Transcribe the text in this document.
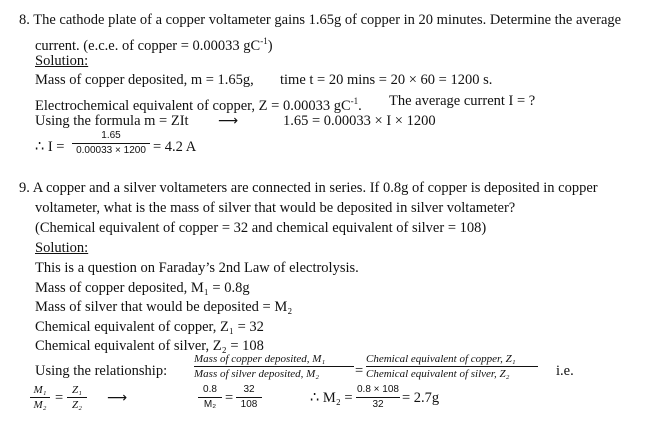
8. The cathode plate of a copper voltameter gains 1.65g of copper in 20 minutes. Determine the average
current. (e.c.e. of copper = 0.00033 $gC^{-1}$)
Solution:
Mass of copper deposited, m = 1.65g, time t = 20 mins = 20 × 60 = 1200 s.
Electrochemical equivalent of copper, Z = 0.00033 $gC^{-1}$. The average current I = ?
Using the formula m = ZIt ⟶	1.65 = 0.00033 × I × 1200
∴ I =
1.65
0.00033 × 1200 = 4.2 A
9. A copper and a silver voltameters are connected in series. If 0.8g of copper is deposited in copper
voltameter, what is the mass of silver that would be deposited in silver voltameter?
(Chemical equivalent of copper = 32 and chemical equivalent of silver = 108)
Solution:
This is a question on Faraday’s 2nd Law of electrolysis.
Mass of copper deposited, M₁ = 0.8g
Mass of silver that would be deposited = M₂
Chemical equivalent of copper, Z₁ = 32
Chemical equivalent of silver, Z₂ = 108
Using the relationship:
Mass of copper deposited, M₁
Mass of silver deposited, M₂	=
Chemical equivalent of copper, Z₁
Chemical equivalent of silver, Z₂	i.e.
M₁
M₂ = Z₁
Z₂	⟶
0.8
M₂ =
32
108	∴ M₂ =
0.8 × 108
32	= 2.7g
